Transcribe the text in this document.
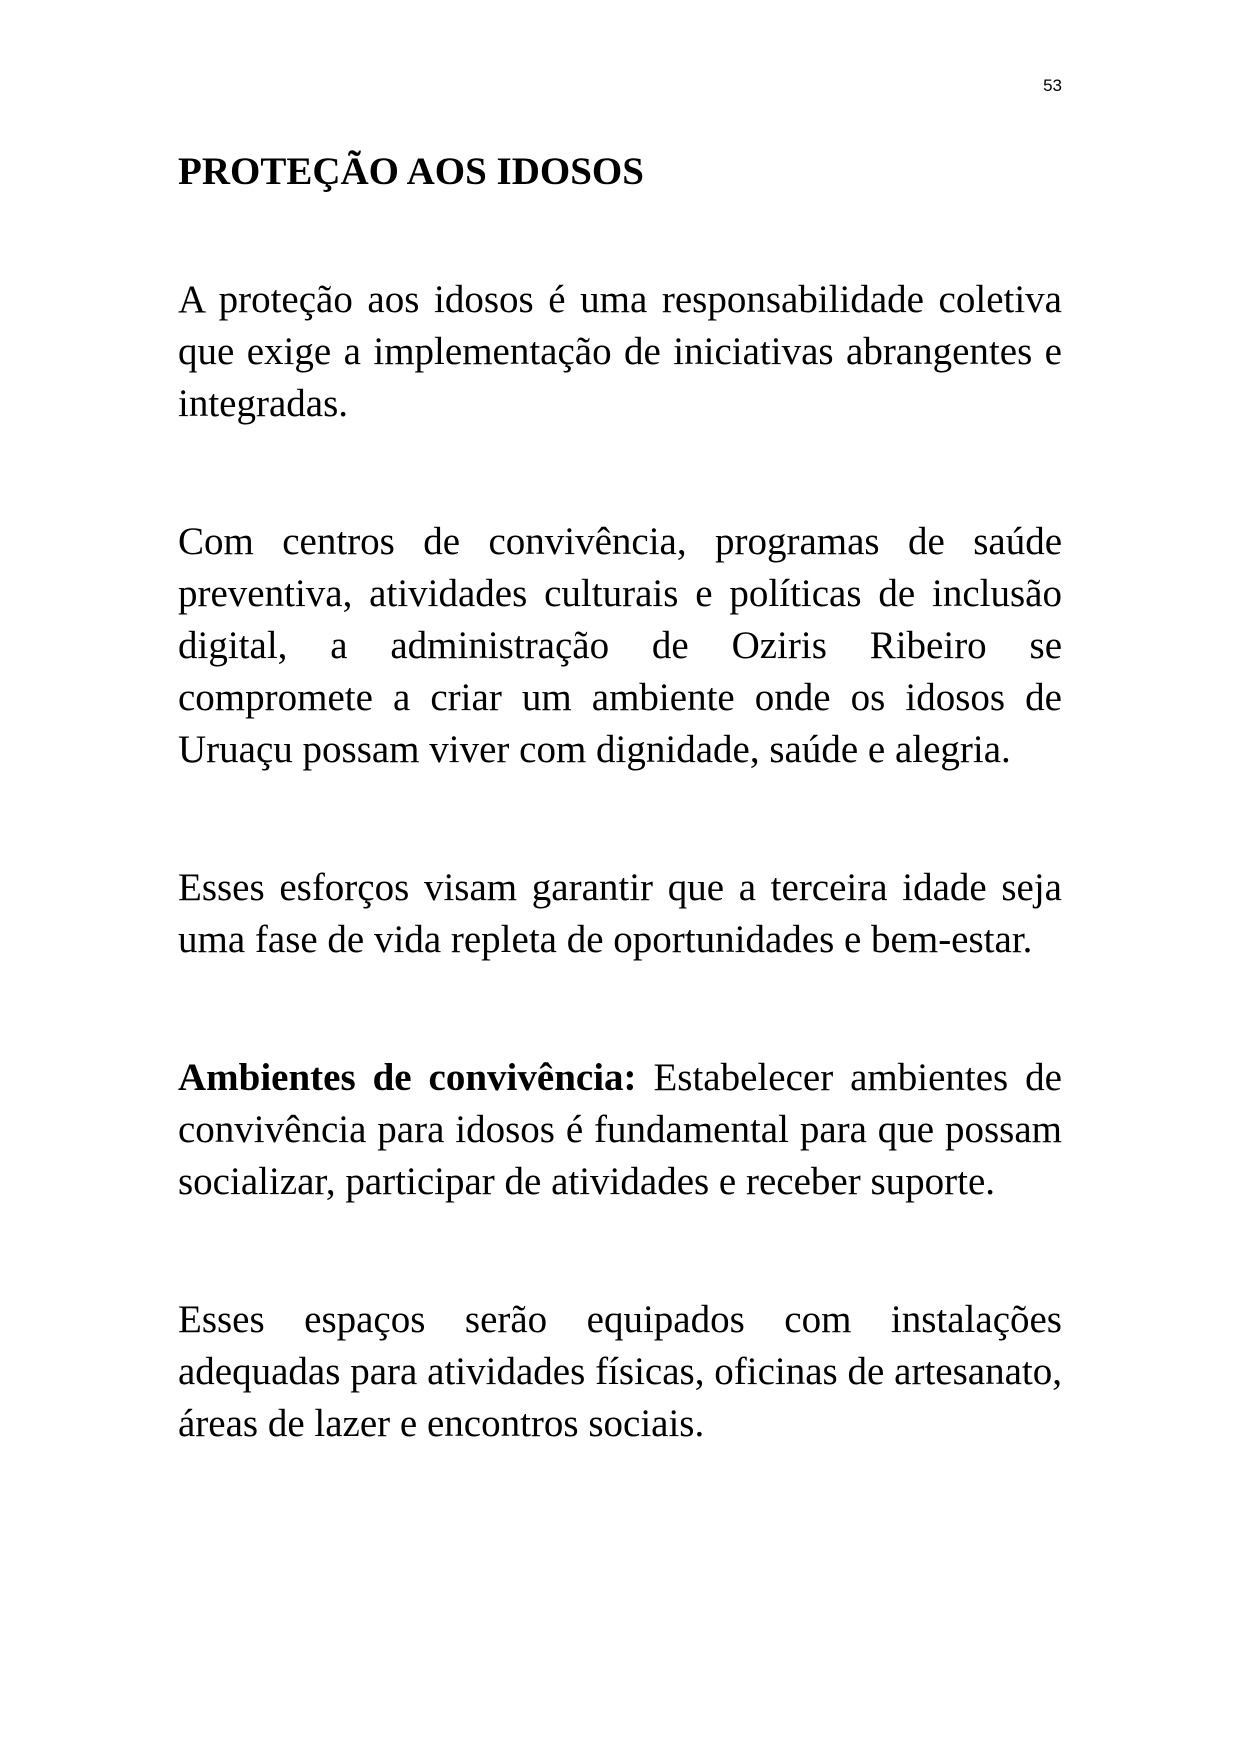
53
PROTEÇÃO AOS IDOSOS

A proteção aos idosos é uma responsabilidade coletiva que exige a implementação de iniciativas abrangentes e integradas.

Com centros de convivência, programas de saúde preventiva, atividades culturais e políticas de inclusão digital, a administração de Oziris Ribeiro se compromete a criar um ambiente onde os idosos de Uruaçu possam viver com dignidade, saúde e alegria.

Esses esforços visam garantir que a terceira idade seja uma fase de vida repleta de oportunidades e bem-estar.

Ambientes de convivência: Estabelecer ambientes de convivência para idosos é fundamental para que possam socializar, participar de atividades e receber suporte.

Esses espaços serão equipados com instalações adequadas para atividades físicas, oficinas de artesanato, áreas de lazer e encontros sociais.
